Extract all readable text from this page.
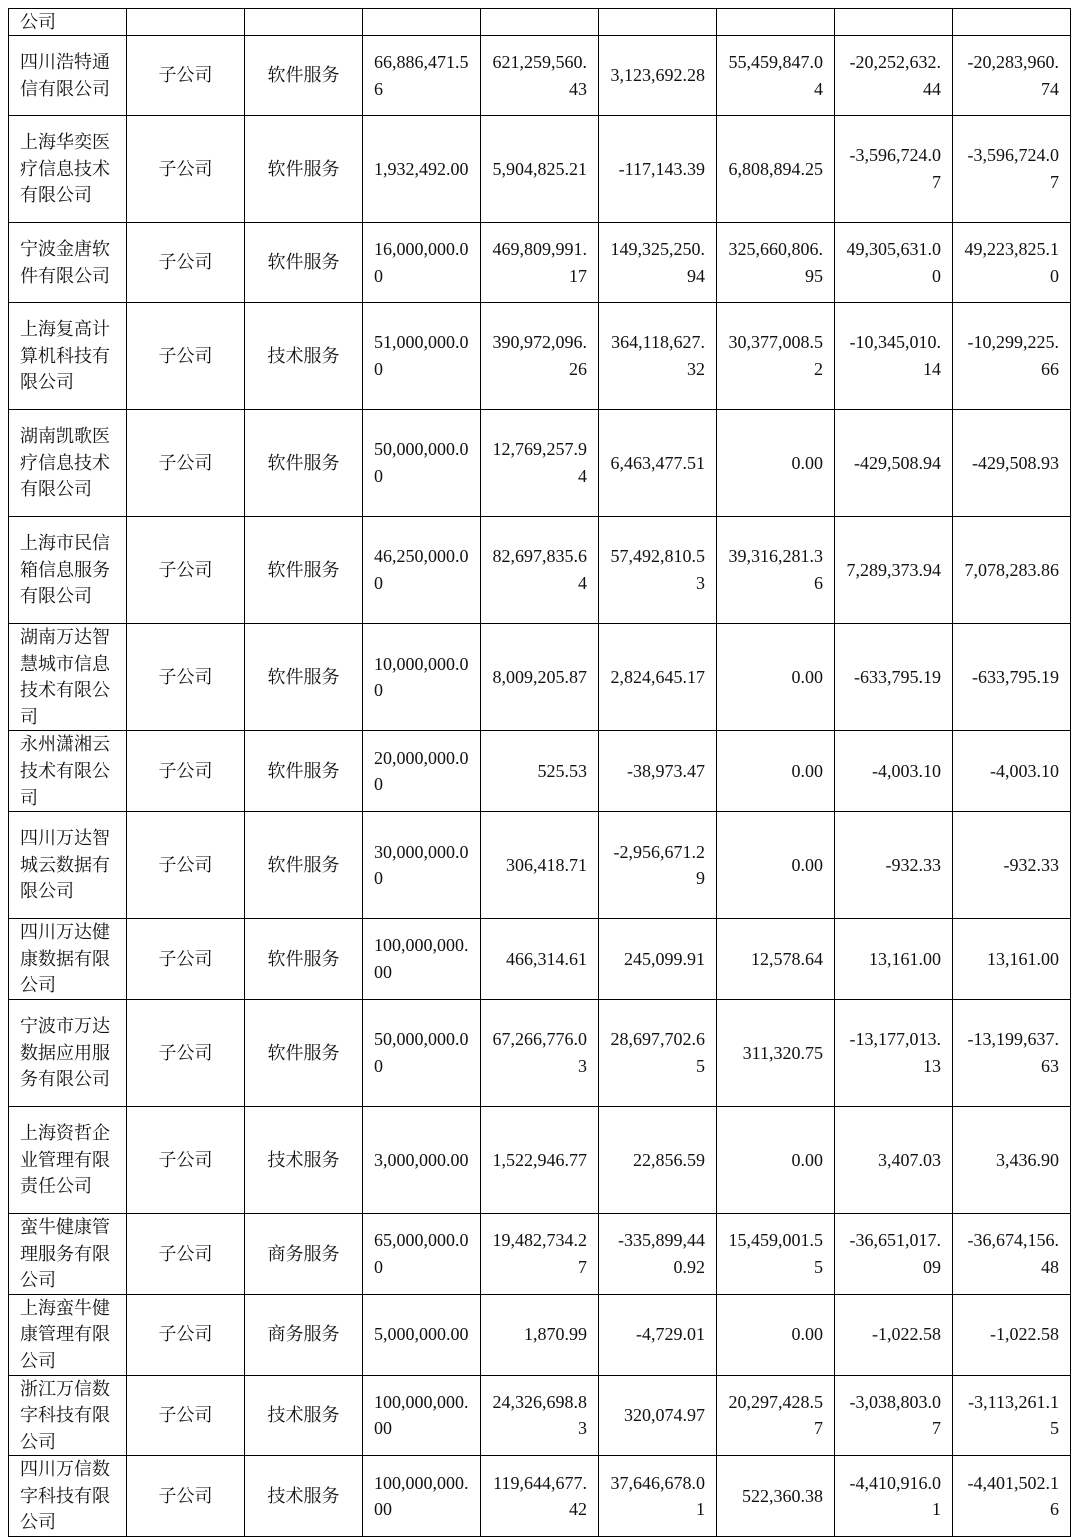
公司								
四川浩特通信有限公司	子公司	软件服务	66,886,471.56	621,259,560.43	3,123,692.28	55,459,847.04	-20,252,632.44	-20,283,960.74
上海华奕医疗信息技术有限公司	子公司	软件服务	1,932,492.00	5,904,825.21	-117,143.39	6,808,894.25	-3,596,724.07	-3,596,724.07
宁波金唐软件有限公司	子公司	软件服务	16,000,000.00	469,809,991.17	149,325,250.94	325,660,806.95	49,305,631.00	49,223,825.10
上海复高计算机科技有限公司	子公司	技术服务	51,000,000.00	390,972,096.26	364,118,627.32	30,377,008.52	-10,345,010.14	-10,299,225.66
湖南凯歌医疗信息技术有限公司	子公司	软件服务	50,000,000.00	12,769,257.94	6,463,477.51	0.00	-429,508.94	-429,508.93
上海市民信箱信息服务有限公司	子公司	软件服务	46,250,000.00	82,697,835.64	57,492,810.53	39,316,281.36	7,289,373.94	7,078,283.86
湖南万达智慧城市信息技术有限公司	子公司	软件服务	10,000,000.00	8,009,205.87	2,824,645.17	0.00	-633,795.19	-633,795.19
永州潇湘云技术有限公司	子公司	软件服务	20,000,000.00	525.53	-38,973.47	0.00	-4,003.10	-4,003.10
四川万达智城云数据有限公司	子公司	软件服务	30,000,000.00	306,418.71	-2,956,671.29	0.00	-932.33	-932.33
四川万达健康数据有限公司	子公司	软件服务	100,000,000.00	466,314.61	245,099.91	12,578.64	13,161.00	13,161.00
宁波市万达数据应用服务有限公司	子公司	软件服务	50,000,000.00	67,266,776.03	28,697,702.65	311,320.75	-13,177,013.13	-13,199,637.63
上海资哲企业管理有限责任公司	子公司	技术服务	3,000,000.00	1,522,946.77	22,856.59	0.00	3,407.03	3,436.90
蛮牛健康管理服务有限公司	子公司	商务服务	65,000,000.00	19,482,734.27	-335,899,440.92	15,459,001.55	-36,651,017.09	-36,674,156.48
上海蛮牛健康管理有限公司	子公司	商务服务	5,000,000.00	1,870.99	-4,729.01	0.00	-1,022.58	-1,022.58
浙江万信数字科技有限公司	子公司	技术服务	100,000,000.00	24,326,698.83	320,074.97	20,297,428.57	-3,038,803.07	-3,113,261.15
四川万信数字科技有限公司	子公司	技术服务	100,000,000.00	119,644,677.42	37,646,678.01	522,360.38	-4,410,916.01	-4,401,502.16
